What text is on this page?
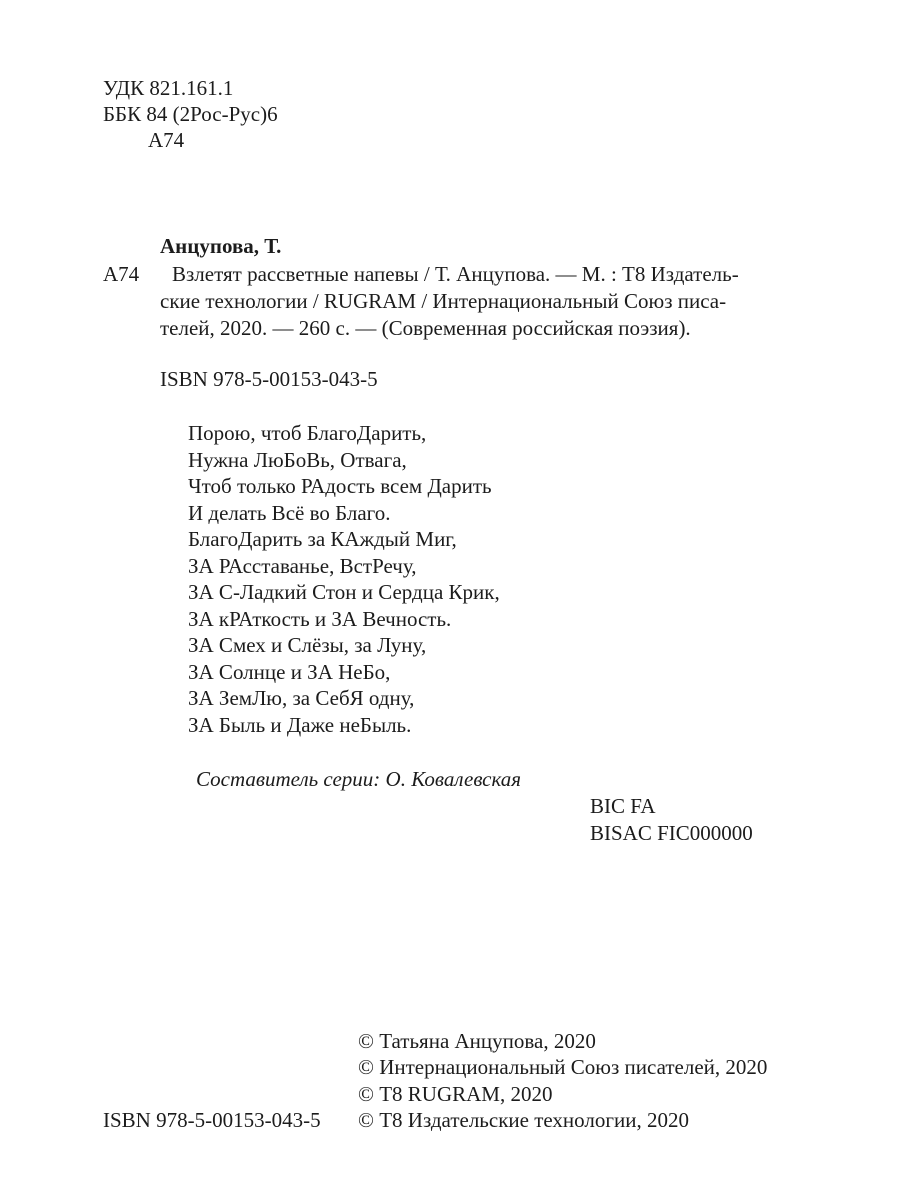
УДК 821.161.1
ББК 84 (2Рос-Рус)6
А74
Анцупова, Т.
А74 Взлетят рассветные напевы / Т. Анцупова. — М. : Т8 Издатель-
ские технологии / RUGRAM / Интернациональный Союз писа-
телей, 2020. — 260 с. — (Современная российская поэзия).
ISBN 978-5-00153-043-5
Порою, чтоб БлагоДарить,
Нужна ЛюБоВь, Отвага,
Чтоб только РАдость всем Дарить
И делать Всё во Благо.
БлагоДарить за КАждый Миг,
ЗА РАсставанье, ВстРечу,
ЗА С-Ладкий Стон и Сердца Крик,
ЗА кРАткость и ЗА Вечность.
ЗА Смех и Слёзы, за Луну,
ЗА Солнце и ЗА НеБо,
ЗА ЗемЛю, за СебЯ одну,
ЗА Быль и Даже неБыль.
Составитель серии: О. Ковалевская
BIC FA
BISAC FIC000000
© Татьяна Анцупова, 2020
© Интернациональный Союз писателей, 2020
© Т8 RUGRAM, 2020
© Т8 Издательские технологии, 2020
ISBN 978-5-00153-043-5
